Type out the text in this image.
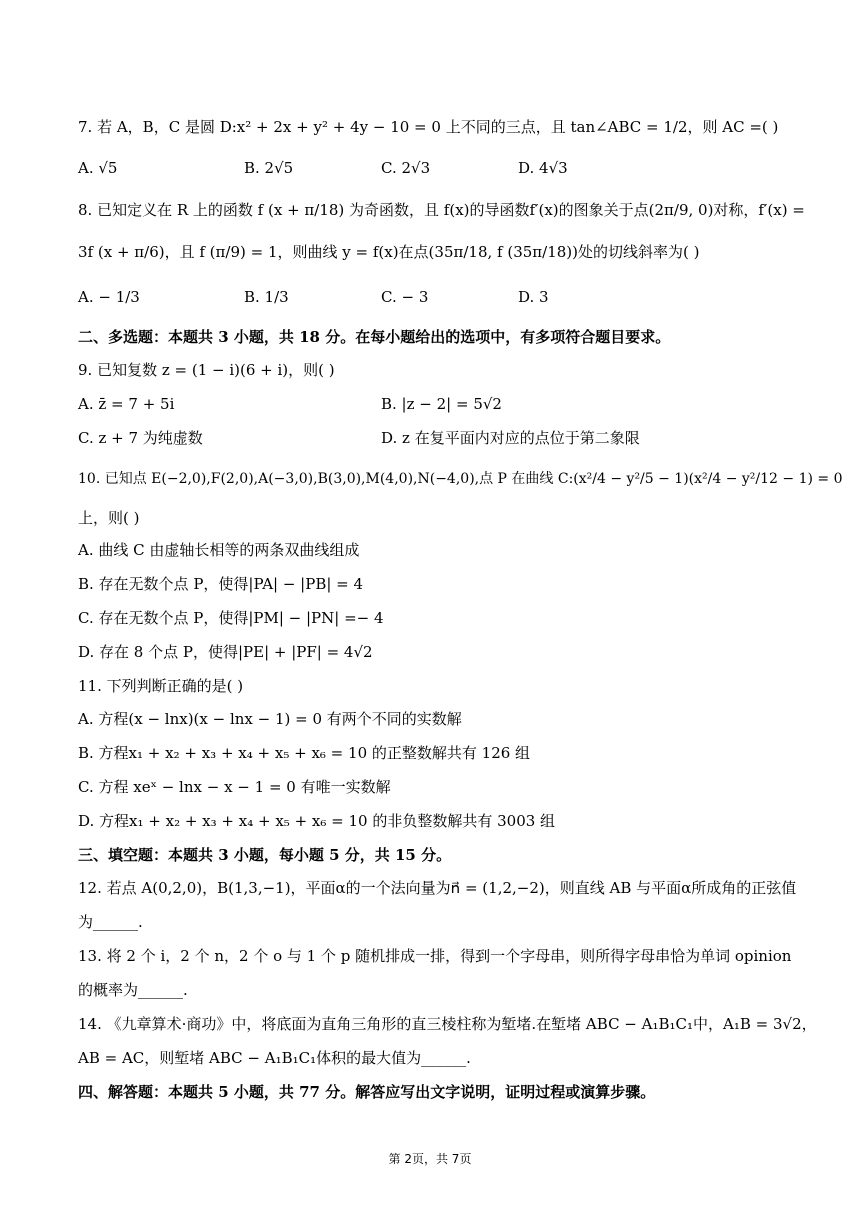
7. 若 A，B，C 是圆 D:x² + 2x + y² + 4y − 10 = 0 上不同的三点，且 tan∠ABC = 1/2，则 AC =( )
A. √5	B. 2√5	C. 2√3	D. 4√3
8. 已知定义在 R 上的函数 f (x + π/18) 为奇函数，且 f(x)的导函数f′(x)的图象关于点(2π/9, 0)对称，f′(x) =
3f (x + π/6)，且 f (π/9) = 1，则曲线 y = f(x)在点(35π/18, f (35π/18))处的切线斜率为( )
A. − 1/3	B. 1/3	C. − 3	D. 3
二、多选题：本题共 3 小题，共 18 分。在每小题给出的选项中，有多项符合题目要求。
9. 已知复数 z = (1 − i)(6 + i)，则( )
A. z̄ = 7 + 5i	B. |z − 2| = 5√2
C. z + 7 为纯虚数	D. z 在复平面内对应的点位于第二象限
10. 已知点 E(−2,0),F(2,0),A(−3,0),B(3,0),M(4,0),N(−4,0),点 P 在曲线 C:(x²/4 − y²/5 − 1)(x²/4 − y²/12 − 1) = 0
上，则( )
A. 曲线 C 由虚轴长相等的两条双曲线组成
B. 存在无数个点 P，使得|PA| − |PB| = 4
C. 存在无数个点 P，使得|PM| − |PN| =− 4
D. 存在 8 个点 P，使得|PE| + |PF| = 4√2
11. 下列判断正确的是( )
A. 方程(x − lnx)(x − lnx − 1) = 0 有两个不同的实数解
B. 方程x₁ + x₂ + x₃ + x₄ + x₅ + x₆ = 10 的正整数解共有 126 组
C. 方程 xeˣ − lnx − x − 1 = 0 有唯一实数解
D. 方程x₁ + x₂ + x₃ + x₄ + x₅ + x₆ = 10 的非负整数解共有 3003 组
三、填空题：本题共 3 小题，每小题 5 分，共 15 分。
12. 若点 A(0,2,0)，B(1,3,−1)，平面α的一个法向量为n⃗ = (1,2,−2)，则直线 AB 与平面α所成角的正弦值
为______.
13. 将 2 个 i，2 个 n，2 个 o 与 1 个 p 随机排成一排，得到一个字母串，则所得字母串恰为单词 opinion
的概率为______.
14. 《九章算术·商功》中，将底面为直角三角形的直三棱柱称为堑堵.在堑堵 ABC − A₁B₁C₁中，A₁B = 3√2，
AB = AC，则堑堵 ABC − A₁B₁C₁体积的最大值为______.
四、解答题：本题共 5 小题，共 77 分。解答应写出文字说明，证明过程或演算步骤。
第 2页，共 7页
